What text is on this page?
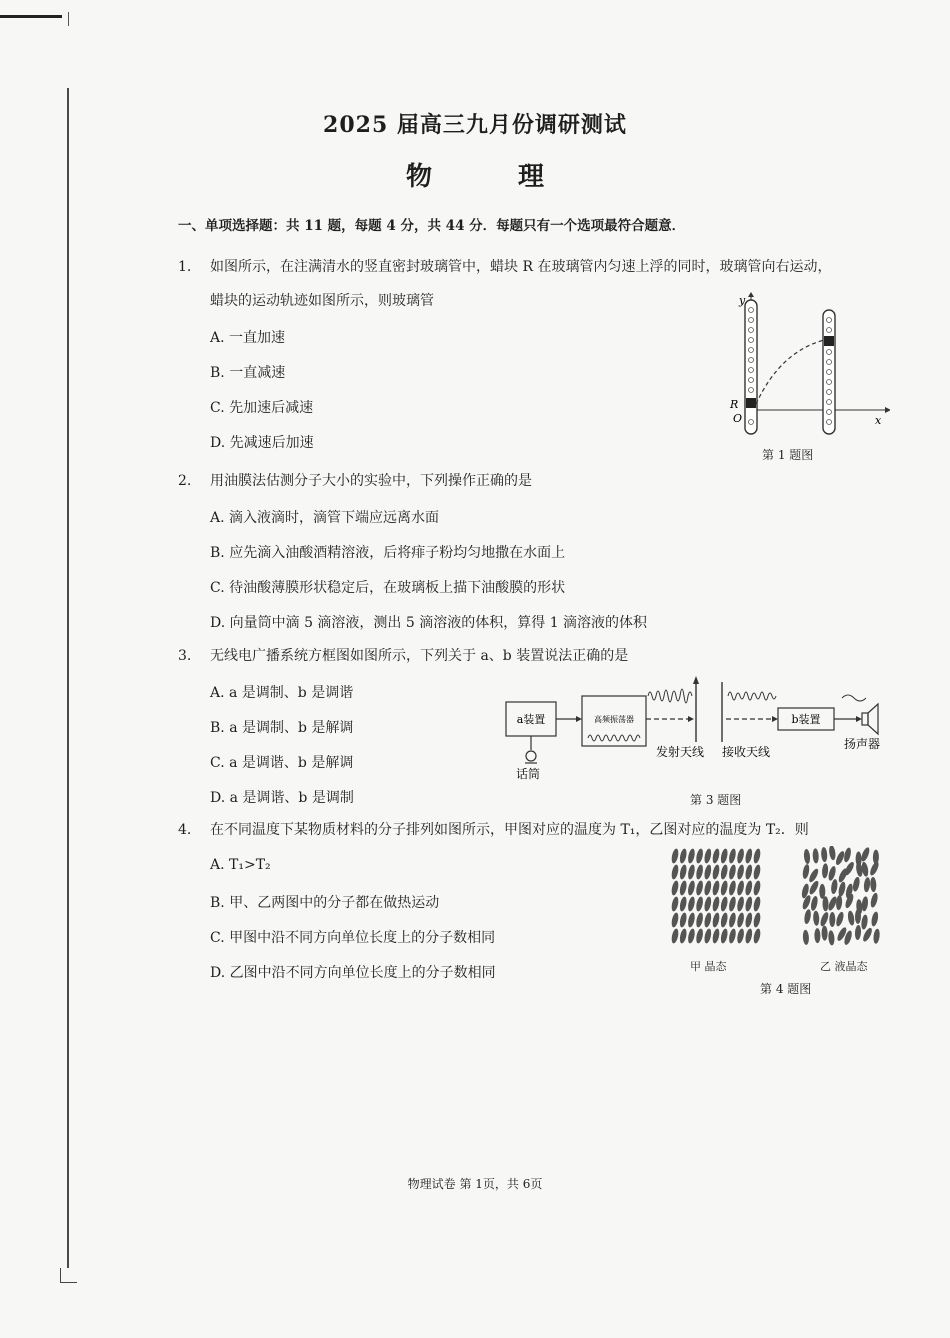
2025 届高三九月份调研测试
物　理
一、单项选择题：共 11 题，每题 4 分，共 44 分．每题只有一个选项最符合题意．
1. 如图所示，在注满清水的竖直密封玻璃管中，蜡块 R 在玻璃管内匀速上浮的同时，玻璃管向右运动，
蜡块的运动轨迹如图所示，则玻璃管
A. 一直加速
B. 一直减速
C. 先加速后减速
D. 先减速后加速
y
x
R
O
第 1 题图
2. 用油膜法估测分子大小的实验中，下列操作正确的是
A. 滴入液滴时，滴管下端应远离水面
B. 应先滴入油酸酒精溶液，后将痱子粉均匀地撒在水面上
C. 待油酸薄膜形状稳定后，在玻璃板上描下油酸膜的形状
D. 向量筒中滴 5 滴溶液，测出 5 滴溶液的体积，算得 1 滴溶液的体积
3. 无线电广播系统方框图如图所示，下列关于 a、b 装置说法正确的是
A. a 是调制、b 是调谐
B. a 是调制、b 是解调
C. a 是调谐、b 是解调
D. a 是调谐、b 是调制
a装置	高频振荡器
话筒
发射天线 接收天线
b装置
扬声器
第 3 题图
4. 在不同温度下某物质材料的分子排列如图所示，甲图对应的温度为 T₁，乙图对应的温度为 T₂．则
A. T₁>T₂
B. 甲、乙两图中的分子都在做热运动
C. 甲图中沿不同方向单位长度上的分子数相同
D. 乙图中沿不同方向单位长度上的分子数相同	甲 晶态	乙 液晶态
第 4 题图
物理试卷 第 1页，共 6页
